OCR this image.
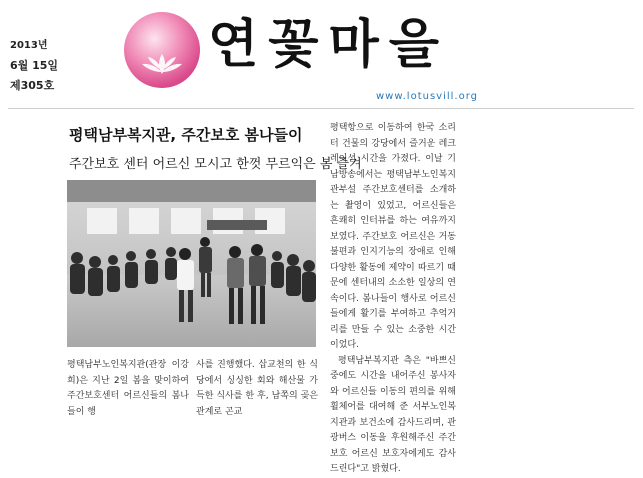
2013년
6월 15일
제305호
연꽃마을
www.lotusvill.org
평택남부복지관, 주간보호 봄나들이
주간보호 센터 어르신 모시고 한껏 무르익은 봄 즐겨

평택남부노인복지관(관장 이강희)은 지난 2일 봄을 맞이하여 주간보호센터 어르신들의 봄나들이 행

사를 진행했다. 삽교천의 한 식당에서 싱싱한 회와 해산물 가득한 식사를 한 후, 남쪽의 곶은 관계로 곤교

평택항으로 이동하여 한국 소리터 건물의 강당에서 즐거운 레크레이션 시간을 가졌다. 이날 기남방송에서는 평택남부노인복지관부설 주간보호센터를 소개하는 촬영이 있었고, 어르신들은 흔쾌히 인터뷰를 하는 여유까지 보였다. 주간보호 어르신은 거동불편과 인지기능의 장애로 인해 다양한 활동에 제약이 따르기 때문에 센터내의 소소한 일상의 연속이다. 봄나들이 행사로 어르신들에게 활기를 부여하고 추억거리를 만들 수 있는 소중한 시간이었다.

평택남부복지관 측은 "바쁘신 중에도 시간을 내어주신 봉사자와 어르신들 이동의 편의를 위해 휠체어를 대여해 준 서부노인복지관과 보건소에 감사드리며, 관광버스 이동을 후원해주신 주간보호 어르신 보호자에게도 감사드린다"고 밝혔다.
